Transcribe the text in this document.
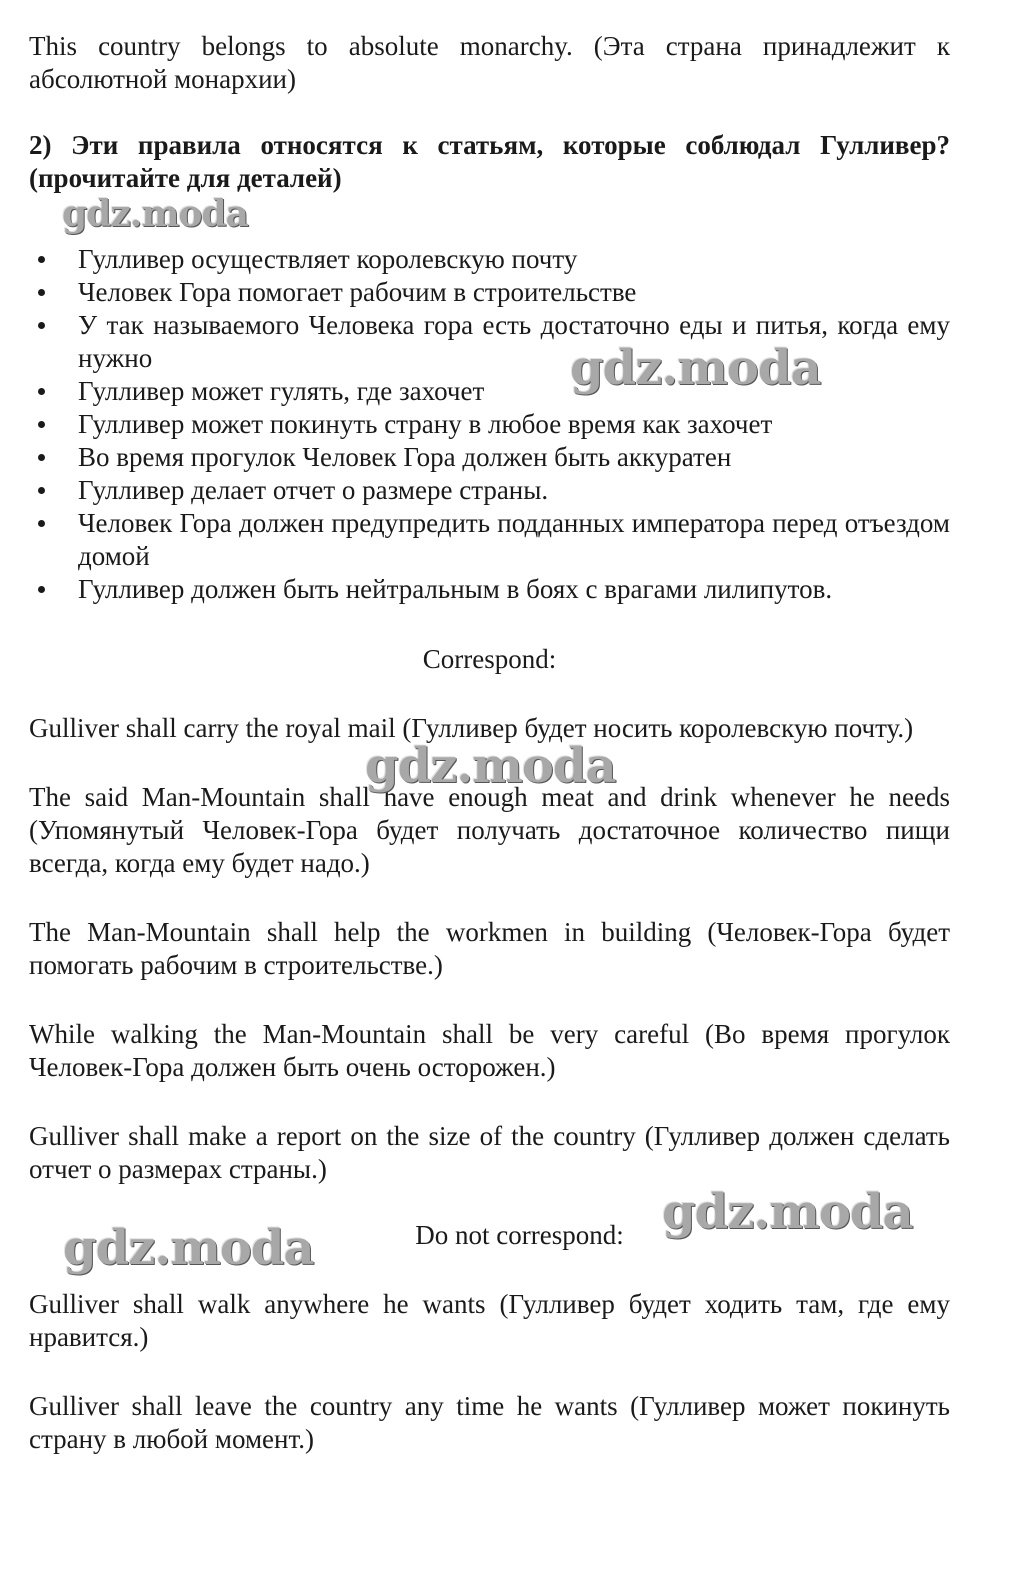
This country belongs to absolute monarchy. (Эта страна принадлежит к абсолютной монархии)

2) Эти правила относятся к статьям, которые соблюдал Гулливер? (прочитайте для деталей)

Гулливер осуществляет королевскую почту
Человек Гора помогает рабочим в строительстве
У так называемого Человека гора есть достаточно еды и питья, когда ему нужно
Гулливер может гулять, где захочет
Гулливер может покинуть страну в любое время как захочет
Во время прогулок Человек Гора должен быть аккуратен
Гулливер делает отчет о размере страны.
Человек Гора должен предупредить подданных императора перед отъездом домой
Гулливер должен быть нейтральным в боях с врагами лилипутов.

Correspond:

Gulliver shall carry the royal mail (Гулливер будет носить королевскую почту.)

The said Man-Mountain shall have enough meat and drink whenever he needs (Упомянутый Человек-Гора будет получать достаточное количество пищи всегда, когда ему будет надо.)

The Man-Mountain shall help the workmen in building (Человек-Гора будет помогать рабочим в строительстве.)

While walking the Man-Mountain shall be very careful (Во время прогулок Человек-Гора должен быть очень осторожен.)

Gulliver shall make a report on the size of the country (Гулливер должен сделать отчет о размерах страны.)

Do not correspond:

Gulliver shall walk anywhere he wants (Гулливер будет ходить там, где ему нравится.)

Gulliver shall leave the country any time he wants (Гулливер может покинуть страну в любой момент.)

gdz.moda
gdz.moda
gdz.moda
gdz.moda
gdz.moda
